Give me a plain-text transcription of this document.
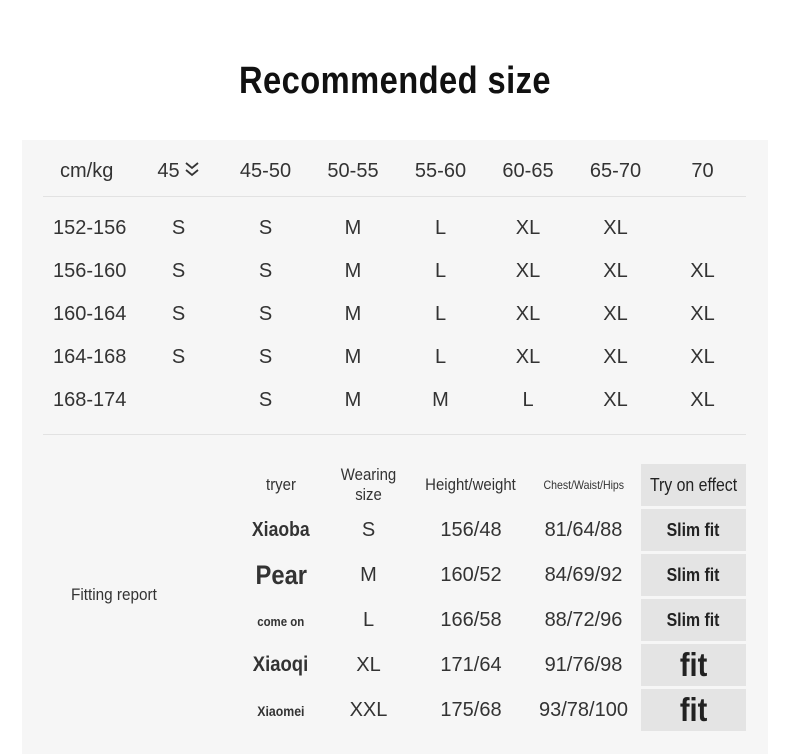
Recommended size
cm/kg	45	45-50	50-55	55-60	60-65	65-70	70
152-156	S	S	M	L	XL	XL	
156-160	S	S	M	L	XL	XL	XL
160-164	S	S	M	L	XL	XL	XL
164-168	S	S	M	L	XL	XL	XL
168-174		S	M	M	L	XL	XL
Fitting report
tryer	Wearing size	Height/weight	Chest/Waist/Hips	Try on effect
Xiaoba	S	156/48	81/64/88	Slim fit
Pear	M	160/52	84/69/92	Slim fit
come on	L	166/58	88/72/96	Slim fit
Xiaoqi	XL	171/64	91/76/98	fit
Xiaomei	XXL	175/68	93/78/100	fit
